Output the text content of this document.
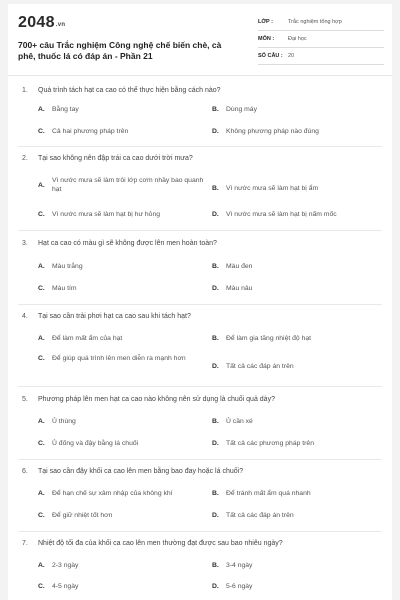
2048.vn
700+ câu Trắc nghiệm Công nghệ chế biến chè, cà phê, thuốc lá có đáp án - Phần 21
LỚP :	Trắc nghiệm tổng hợp
MÔN :	Đại học
SỐ CÂU : 20
1. Quá trình tách hạt ca cao có thể thực hiện bằng cách nào?
A.	Bằng tay	B.	Dùng máy
C.	Cả hai phương pháp trên	D.	Không phương pháp nào đúng
2. Tại sao không nên đập trái ca cao dưới trời mưa?
A.
Vì nước mưa sẽ làm trôi lớp cơm nhầy bao quanh hạt	B.	Vì nước mưa sẽ làm hạt bị ẩm
C.	Vì nước mưa sẽ làm hạt bị hư hỏng	D.	Vì nước mưa sẽ làm hạt bị nấm mốc
3. Hạt ca cao có màu gì sẽ không được lên men hoàn toàn?
A.	Màu trắng	B.	Màu đen
C.	Màu tím	D.	Màu nâu
4. Tại sao cần trải phơi hạt ca cao sau khi tách hạt?
A.	Để làm mất ẩm của hạt	B.	Để làm gia tăng nhiệt độ hạt
C.	Để giúp quá trình lên men diễn ra mạnh hơn
D.	Tất cả các đáp án trên
5. Phương pháp lên men hạt ca cao nào không nên sử dụng là chuối quả dày?
A.	Ủ thùng	B.	Ủ cần xé
C.	Ủ đống và đậy bằng lá chuối	D.	Tất cả các phương pháp trên
6. Tại sao cần đậy khối ca cao lên men bằng bao đay hoặc lá chuối?
A.	Để hạn chế sự xâm nhập của không khí	B.	Để tránh mất ẩm quá nhanh
C.	Để giữ nhiệt tốt hơn	D.	Tất cả các đáp án trên
7. Nhiệt độ tối đa của khối ca cao lên men thường đạt được sau bao nhiêu ngày?
A.	2-3 ngày	B.	3-4 ngày
C.	4-5 ngày	D.	5-6 ngày
